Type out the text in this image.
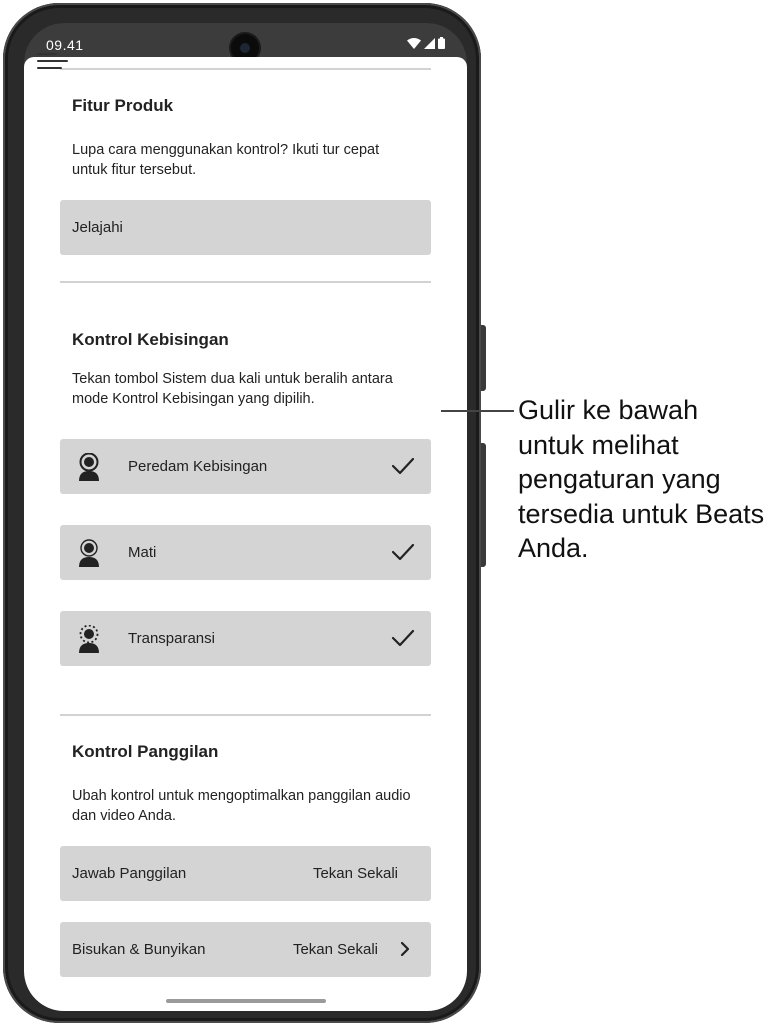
09.41
Fitur Produk

Lupa cara menggunakan kontrol? Ikuti tur cepat untuk fitur tersebut.

Jelajahi
Kontrol Kebisingan

Tekan tombol Sistem dua kali untuk beralih antara mode Kontrol Kebisingan yang dipilih.

Peredam Kebisingan
Mati
Transparansi
Kontrol Panggilan

Ubah kontrol untuk mengoptimalkan panggilan audio dan video Anda.

Jawab Panggilan	Tekan Sekali
Bisukan & Bunyikan	Tekan Sekali

Gulir ke bawah untuk melihat pengaturan yang tersedia untuk Beats Anda.
